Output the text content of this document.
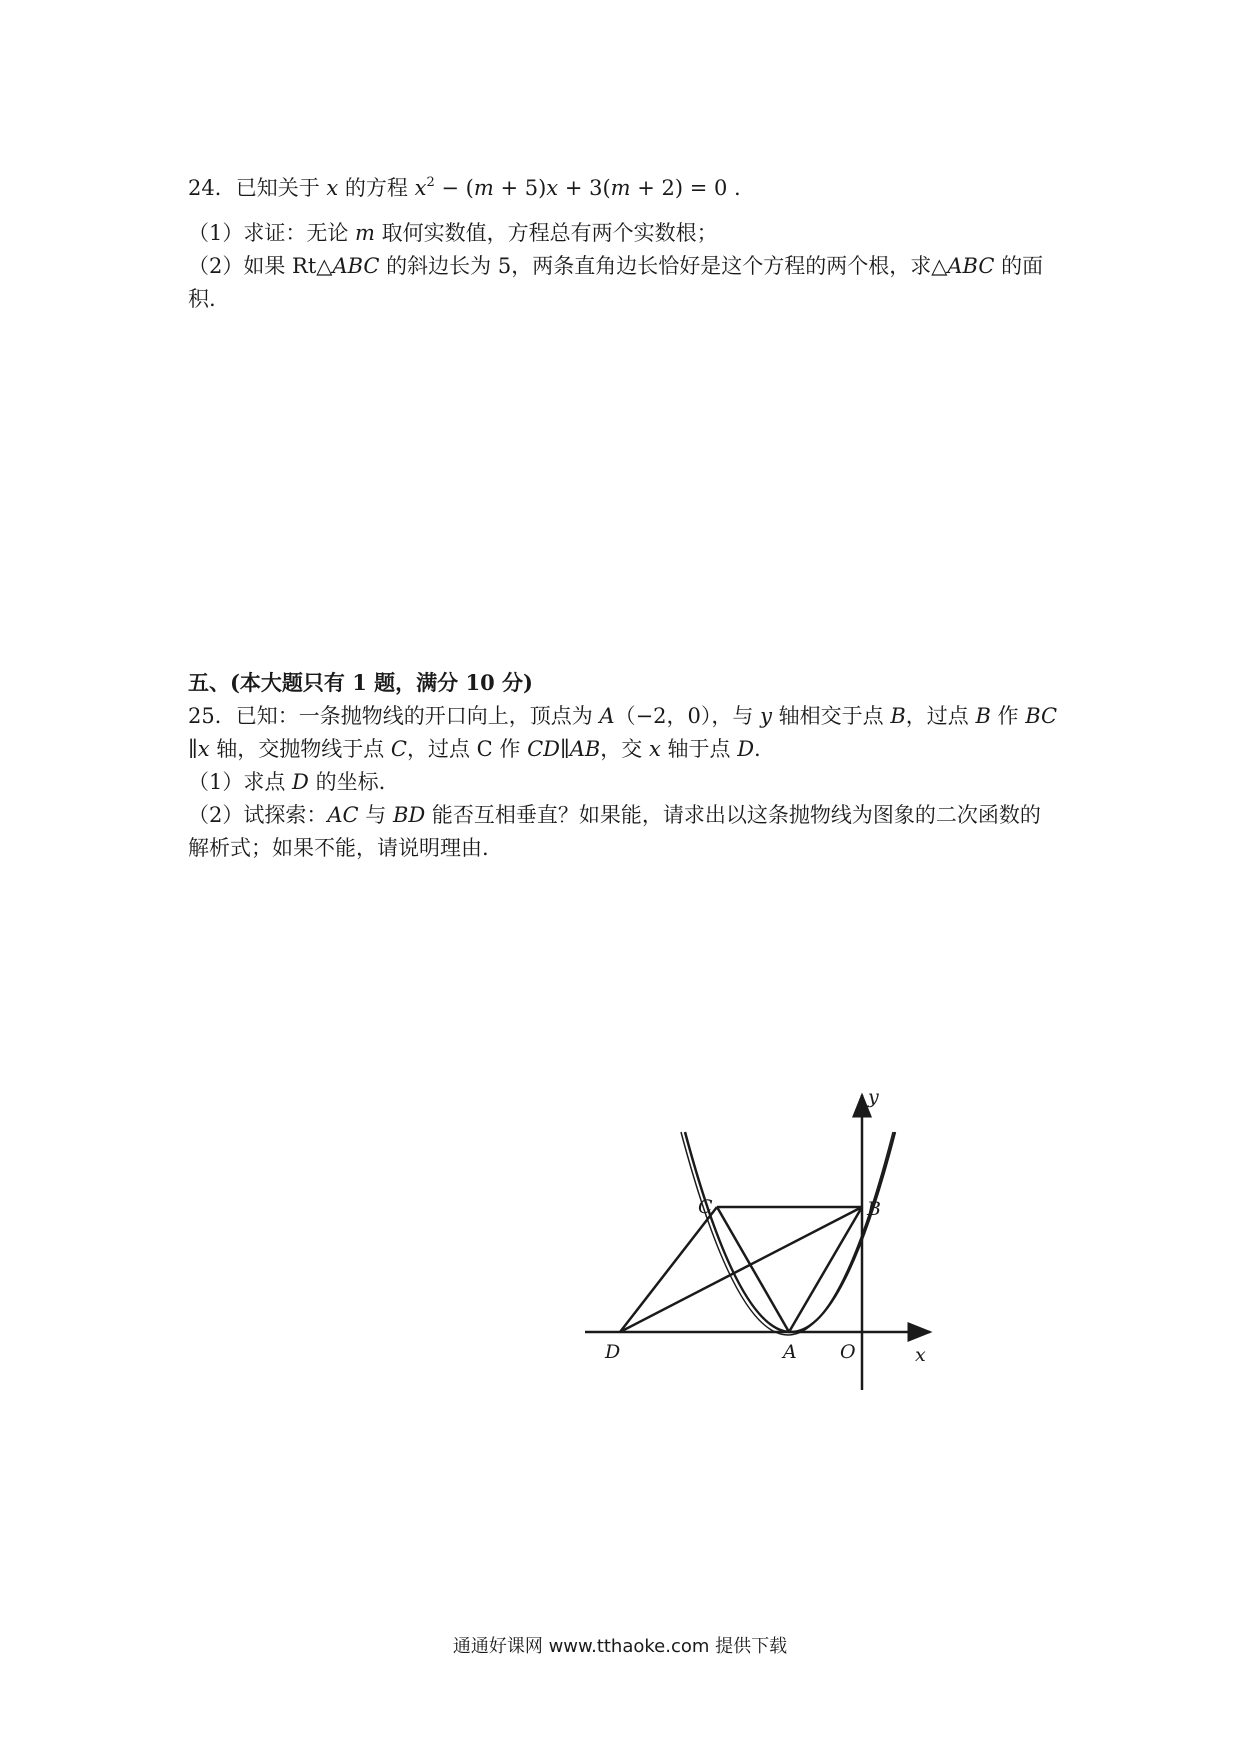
24．已知关于 x 的方程 $x^2 - (m + 5)x + 3(m + 2) = 0$ .
（1）求证：无论 m 取何实数值，方程总有两个实数根；
（2）如果 Rt△ABC 的斜边长为 5，两条直角边长恰好是这个方程的两个根，求△ABC 的面
积.
五、(本大题只有 1 题，满分 10 分)
25．已知：一条抛物线的开口向上，顶点为 A（−2，0），与 y 轴相交于点 B，过点 B 作 BC
∥x 轴，交抛物线于点 C，过点 C 作 CD∥AB，交 x 轴于点 D.
（1）求点 D 的坐标.
（2）试探索：AC 与 BD 能否互相垂直？如果能，请求出以这条抛物线为图象的二次函数的
解析式；如果不能，请说明理由.
y
x
B
C
D	A O
通通好课网 www.tthaoke.com 提供下载
